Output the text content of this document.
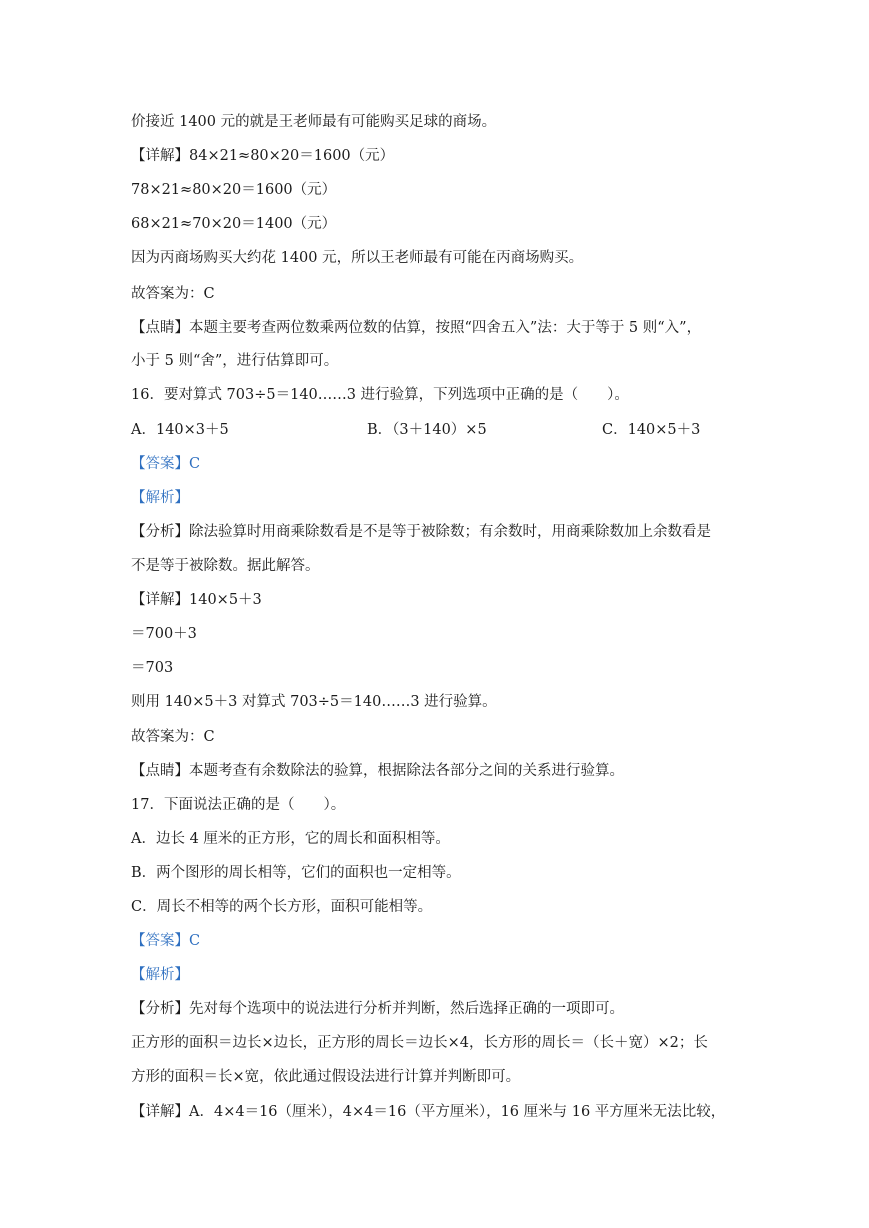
价接近 1400 元的就是王老师最有可能购买足球的商场。
【详解】84×21≈80×20＝1600（元）
78×21≈80×20＝1600（元）
68×21≈70×20＝1400（元）
因为丙商场购买大约花 1400 元，所以王老师最有可能在丙商场购买。
故答案为：C
【点睛】本题主要考查两位数乘两位数的估算，按照“四舍五入”法：大于等于 5 则“入”，
小于 5 则“舍”，进行估算即可。
16．要对算式 703÷5＝140……3 进行验算，下列选项中正确的是（　　）。
A．140×3＋5	B．（3＋140）×5	C．140×5＋3
【答案】C
【解析】
【分析】除法验算时用商乘除数看是不是等于被除数；有余数时，用商乘除数加上余数看是
不是等于被除数。据此解答。
【详解】140×5＋3
＝700＋3
＝703
则用 140×5＋3 对算式 703÷5＝140……3 进行验算。
故答案为：C
【点睛】本题考查有余数除法的验算，根据除法各部分之间的关系进行验算。
17．下面说法正确的是（　　）。
A．边长 4 厘米的正方形，它的周长和面积相等。
B．两个图形的周长相等，它们的面积也一定相等。
C．周长不相等的两个长方形，面积可能相等。
【答案】C
【解析】
【分析】先对每个选项中的说法进行分析并判断，然后选择正确的一项即可。
正方形的面积＝边长×边长，正方形的周长＝边长×4，长方形的周长＝（长＋宽）×2；长
方形的面积＝长×宽，依此通过假设法进行计算并判断即可。
【详解】A．4×4＝16（厘米），4×4＝16（平方厘米），16 厘米与 16 平方厘米无法比较，
